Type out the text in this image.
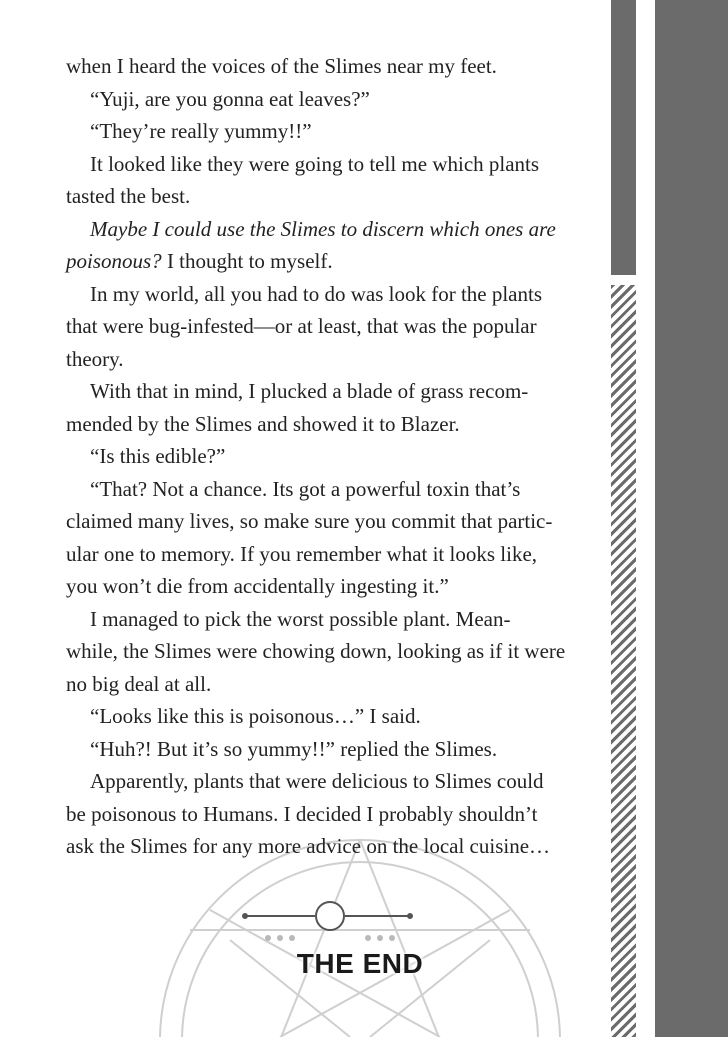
when I heard the voices of the Slimes near my feet.
“Yuji, are you gonna eat leaves?”
“They’re really yummy!!”
It looked like they were going to tell me which plants
tasted the best.
Maybe I could use the Slimes to discern which ones are
poisonous? I thought to myself.
In my world, all you had to do was look for the plants
that were bug-infested—or at least, that was the popular
theory.
With that in mind, I plucked a blade of grass recom-
mended by the Slimes and showed it to Blazer.
“Is this edible?”
“That? Not a chance. Its got a powerful toxin that’s
claimed many lives, so make sure you commit that partic-
ular one to memory. If you remember what it looks like,
you won’t die from accidentally ingesting it.”
I managed to pick the worst possible plant. Mean-
while, the Slimes were chowing down, looking as if it were
no big deal at all.
“Looks like this is poisonous…” I said.
“Huh?! But it’s so yummy!!” replied the Slimes.
Apparently, plants that were delicious to Slimes could
be poisonous to Humans. I decided I probably shouldn’t
ask the Slimes for any more advice on the local cuisine…
THE END
